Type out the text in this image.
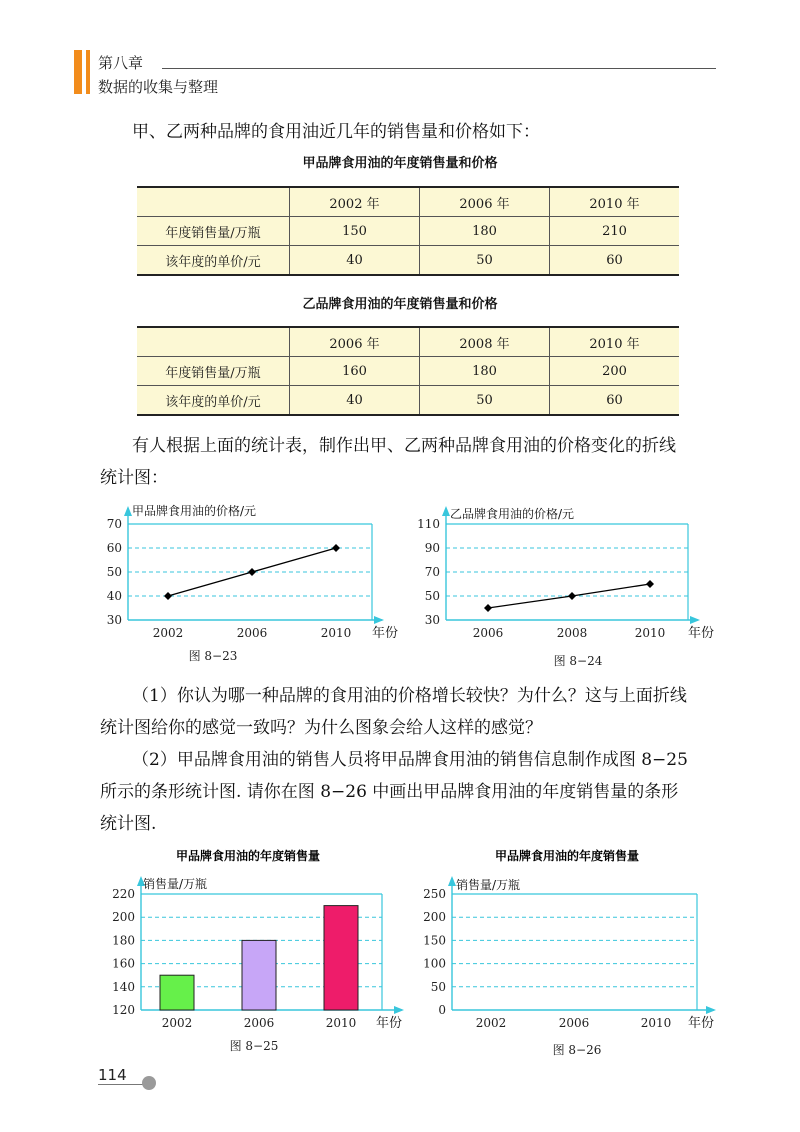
第八章
数据的收集与整理
甲、乙两种品牌的食用油近几年的销售量和价格如下：
甲品牌食用油的年度销售量和价格
	2002 年	2006 年	2010 年
年度销售量/万瓶	150	180	210
该年度的单价/元	40	50	60
乙品牌食用油的年度销售量和价格
	2006 年	2008 年	2010 年
年度销售量/万瓶	160	180	200
该年度的单价/元	40	50	60
有人根据上面的统计表，制作出甲、乙两种品牌食用油的价格变化的折线
统计图：
30
40
50
60
70
甲品牌食用油的价格/元
年份
2002	2006	2010
图 8−23
30
50
70
90
110
乙品牌食用油的价格/元
年份
2006	2008	2010
图 8−24
甲品牌食用油的年度销售量
120
140
160
180
200
220
销售量/万瓶
年份
2002	2006	2010
图 8−25
甲品牌食用油的年度销售量
0
50
100
150
200
250
销售量/万瓶
年份
2002	2006	2010
图 8−26
（1）你认为哪一种品牌的食用油的价格增长较快？为什么？这与上面折线
统计图给你的感觉一致吗？为什么图象会给人这样的感觉？
（2）甲品牌食用油的销售人员将甲品牌食用油的销售信息制作成图 8−25
所示的条形统计图. 请你在图 8−26 中画出甲品牌食用油的年度销售量的条形
统计图.
114
